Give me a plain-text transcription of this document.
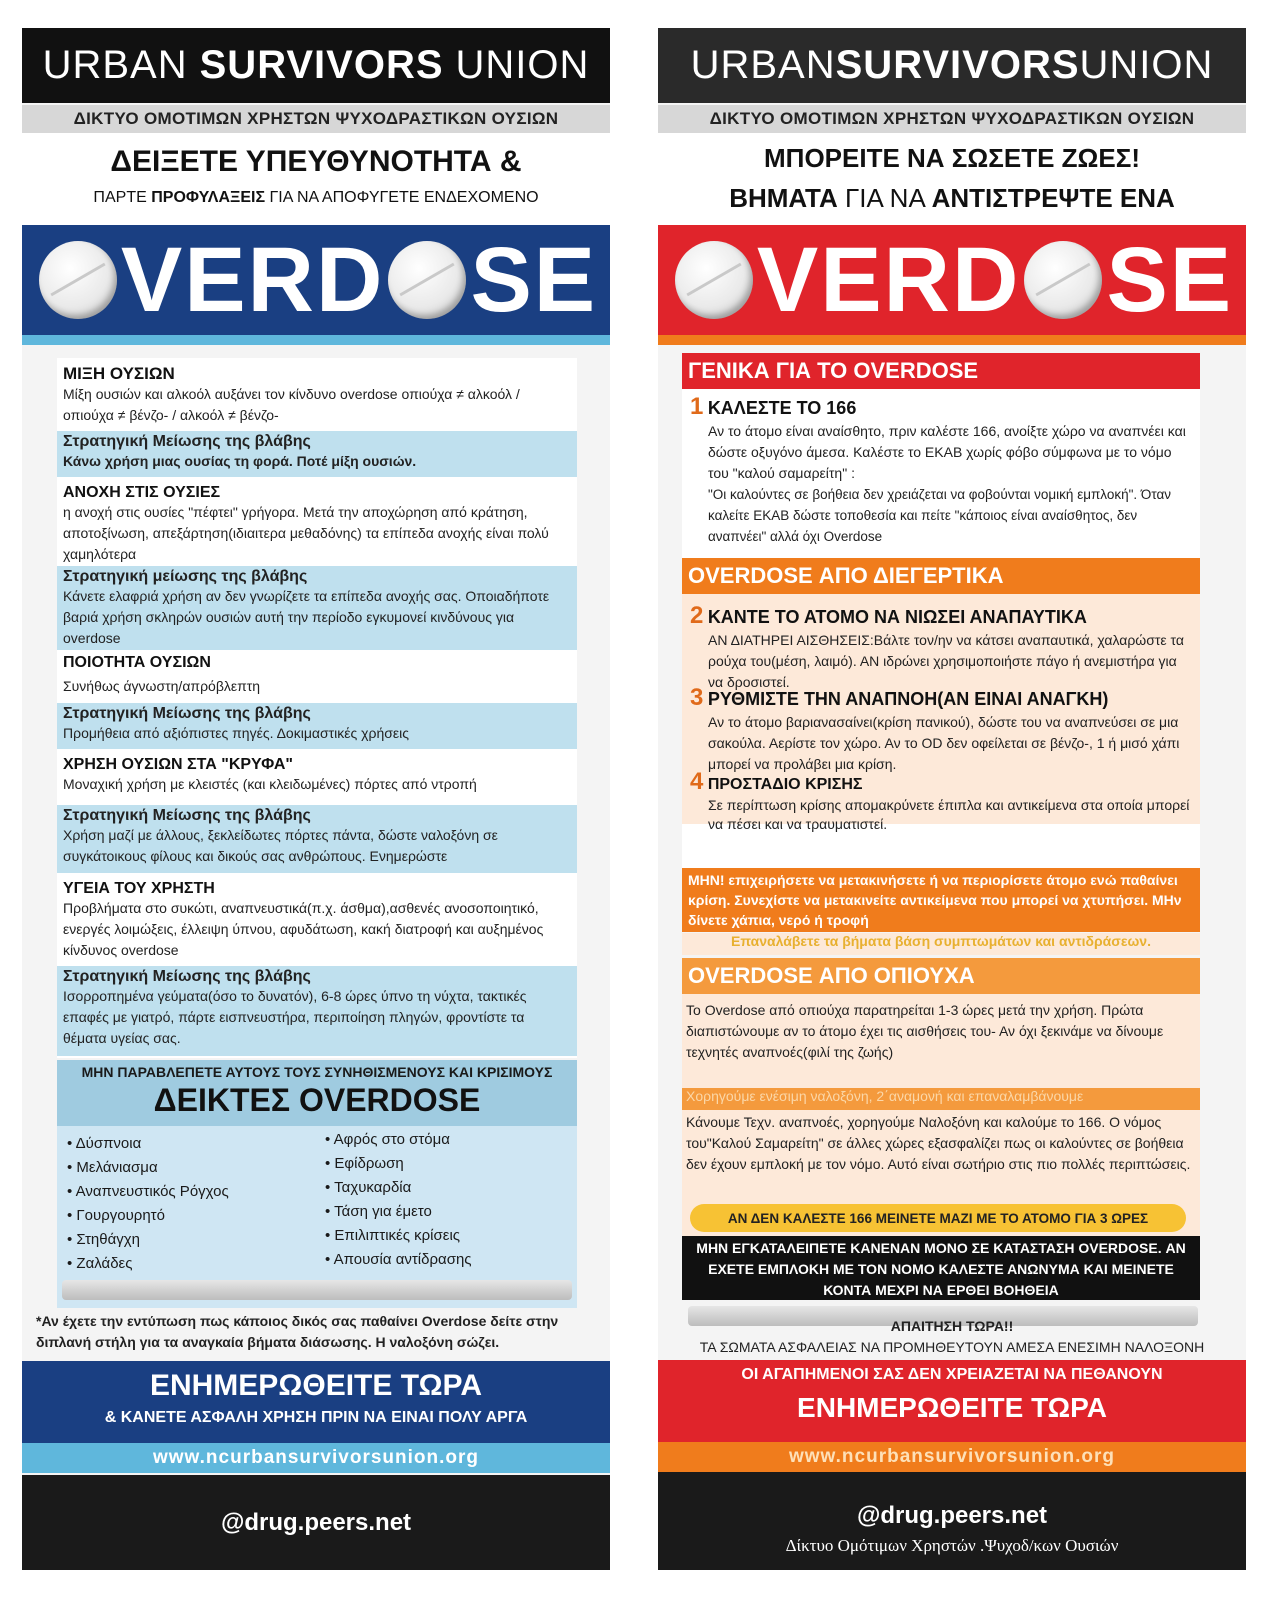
URBAN SURVIVORS UNION
ΔΙΚΤΥΟ ΟΜΟΤΙΜΩΝ ΧΡΗΣΤΩΝ ΨΥΧΟΔΡΑΣΤΙΚΩΝ ΟΥΣΙΩΝ
ΔΕΙΞΕΤΕ ΥΠΕΥΘΥΝΟΤΗΤΑ &
ΠΑΡΤΕ ΠΡΟΦΥΛΑΞΕΙΣ ΓΙΑ ΝΑ ΑΠΟΦΥΓΕΤΕ ΕΝΔΕΧΟΜΕΝΟ
VERD SE
ΜΙΞΗ ΟΥΣΙΩΝ
Μίξη ουσιών και αλκοόλ αυξάνει τον κίνδυνο overdose οπιούχα ≠ αλκοόλ / οπιούχα ≠ βένζο- / αλκοόλ ≠ βένζο-
Στρατηγική Μείωσης της βλάβης
Κάνω χρήση μιας ουσίας τη φορά. Ποτέ μίξη ουσιών.
ΑΝΟΧΗ ΣΤΙΣ ΟΥΣΙΕΣ
η ανοχή στις ουσίες "πέφτει" γρήγορα. Μετά την αποχώρηση από κράτηση, αποτοξίνωση, απεξάρτηση(ιδιαιτερα μεθαδόνης) τα επίπεδα ανοχής είναι πολύ χαμηλότερα
Στρατηγική μείωσης της βλάβης
Κάνετε ελαφριά χρήση αν δεν γνωρίζετε τα επίπεδα ανοχής σας. Οποιαδήποτε βαριά χρήση σκληρών ουσιών αυτή την περίοδο εγκυμονεί κινδύνους για overdose
ΠΟΙΟΤΗΤΑ ΟΥΣΙΩΝ
Συνήθως άγνωστη/απρόβλεπτη
Στρατηγική Μείωσης της βλάβης
Προμήθεια από αξιόπιστες πηγές. Δοκιμαστικές χρήσεις
ΧΡΗΣΗ ΟΥΣΙΩΝ ΣΤΑ "ΚΡΥΦΑ"
Μοναχική χρήση με κλειστές (και κλειδωμένες) πόρτες από ντροπή
Στρατηγική Μείωσης της βλάβης
Χρήση μαζί με άλλους, ξεκλείδωτες πόρτες πάντα, δώστε ναλοξόνη σε συγκάτοικους φίλους και δικούς σας ανθρώπους. Ενημερώστε
ΥΓΕΙΑ ΤΟΥ ΧΡΗΣΤΗ
Προβλήματα στο συκώτι, αναπνευστικά(π.χ. άσθμα),ασθενές ανοσοποιητικό, ενεργές λοιμώξεις, έλλειψη ύπνου, αφυδάτωση, κακή διατροφή και αυξημένος κίνδυνος overdose
Στρατηγική Μείωσης της βλάβης
Ισορροπημένα γεύματα(όσο το δυνατόν), 6-8 ώρες ύπνο τη νύχτα, τακτικές επαφές με γιατρό, πάρτε εισπνευστήρα, περιποίηση πληγών, φροντίστε τα θέματα υγείας σας.
ΜΗΝ ΠΑΡΑΒΛΕΠΕΤΕ ΑΥΤΟΥΣ ΤΟΥΣ ΣΥΝΗΘΙΣΜΕΝΟΥΣ ΚΑΙ ΚΡΙΣΙΜΟΥΣ
ΔΕΙΚΤΕΣ OVERDOSE
• Δύσπνοια
• Μελάνιασμα
• Αναπνευστικός Ρόγχος
• Γουργουρητό
• Στηθάγχη
• Ζαλάδες
• Αφρός στο στόμα
• Εφίδρωση
• Ταχυκαρδία
• Τάση για έμετο
• Επιλιπτικές κρίσεις
• Απουσία αντίδρασης
*Αν έχετε την εντύπωση πως κάποιος δικός σας παθαίνει Overdose δείτε στην διπλανή στήλη για τα αναγκαία βήματα διάσωσης. Η ναλοξόνη σώζει.
ΕΝΗΜΕΡΩΘΕΙΤΕ ΤΩΡΑ
& ΚΑΝΕΤΕ ΑΣΦΑΛΗ ΧΡΗΣΗ ΠΡΙΝ ΝΑ ΕΙΝΑΙ ΠΟΛΥ ΑΡΓΑ
www.ncurbansurvivorsunion.org
@drug.peers.net
URBAN SURVIVORS UNION
ΔΙΚΤΥΟ ΟΜΟΤΙΜΩΝ ΧΡΗΣΤΩΝ ΨΥΧΟΔΡΑΣΤΙΚΩΝ ΟΥΣΙΩΝ
ΜΠΟΡΕΙΤΕ ΝΑ ΣΩΣΕΤΕ ΖΩΕΣ!
ΒΗΜΑΤΑ ΓΙΑ ΝΑ ΑΝΤΙΣΤΡΕΨΤΕ ΕΝΑ
VERD SE
ΓΕΝΙΚΑ ΓΙΑ ΤΟ OVERDOSE
1 ΚΑΛΕΣΤΕ ΤΟ 166
Αν το άτομο είναι αναίσθητο, πριν καλέστε 166, ανοίξτε χώρο να αναπνέει και δώστε οξυγόνο άμεσα. Καλέστε το ΕΚΑΒ χωρίς φόβο σύμφωνα με το νόμο του "καλού σαμαρείτη" :
"Οι καλούντες σε βοήθεια δεν χρειάζεται να φοβούνται νομική εμπλοκή". Όταν καλείτε ΕΚΑΒ δώστε τοποθεσία και πείτε "κάποιος είναι αναίσθητος, δεν αναπνέει" αλλά όχι Overdose
OVERDOSE ΑΠΟ ΔΙΕΓΕΡΤΙΚΑ
2 ΚΑΝΤΕ ΤΟ ΑΤΟΜΟ ΝΑ ΝΙΩΣΕΙ ΑΝΑΠΑΥΤΙΚΑ
ΑΝ ΔΙΑΤΗΡΕΙ ΑΙΣΘΗΣΕΙΣ:Βάλτε τον/ην να κάτσει αναπαυτικά, χαλαρώστε τα ρούχα του(μέση, λαιμό). ΑΝ ιδρώνει χρησιμοποιήστε πάγο ή ανεμιστήρα για να δροσιστεί.
3 ΡΥΘΜΙΣΤΕ ΤΗΝ ΑΝΑΠΝΟΗ(ΑΝ ΕΙΝΑΙ ΑΝΑΓΚΗ)
Αν το άτομο βαριανασαίνει(κρίση πανικού), δώστε του να αναπνεύσει σε μια σακούλα. Αερίστε τον χώρο. Αν το OD δεν οφείλεται σε βένζο-, 1 ή μισό χάπι μπορεί να προλάβει μια κρίση.
4 ΠΡΟΣΤΑΔΙΟ ΚΡΙΣΗΣ
Σε περίπτωση κρίσης απομακρύνετε έπιπλα και αντικείμενα στα οποία μπορεί να πέσει και να τραυματιστεί.
ΜΗΝ! επιχειρήσετε να μετακινήσετε ή να περιορίσετε άτομο ενώ παθαίνει κρίση. Συνεχίστε να μετακινείτε αντικείμενα που μπορεί να χτυπήσει. ΜΗν δίνετε χάπια, νερό ή τροφή
Επαναλάβετε τα βήματα βάση συμπτωμάτων και αντιδράσεων.
OVERDOSE ΑΠΟ ΟΠΙΟΥΧΑ
Το Overdose από οπιούχα παρατηρείται 1-3 ώρες μετά την χρήση. Πρώτα διαπιστώνουμε αν το άτομο έχει τις αισθήσεις του- Αν όχι ξεκινάμε να δίνουμε τεχνητές αναπνοές(φιλί της ζωής)
Χορηγούμε ενέσιμη ναλοξόνη, 2΄αναμονή και επαναλαμβάνουμε
Κάνουμε Τεχν. αναπνοές, χορηγούμε Ναλοξόνη και καλούμε το 166. Ο νόμος του"Καλού Σαμαρείτη" σε άλλες χώρες εξασφαλίζει πως οι καλούντες σε βοήθεια δεν έχουν εμπλοκή με τον νόμο. Αυτό είναι σωτήριο στις πιο πολλές περιπτώσεις.
ΑΝ ΔΕΝ ΚΑΛΕΣΤΕ 166 ΜΕΙΝΕΤΕ ΜΑΖΙ ΜΕ ΤΟ ΑΤΟΜΟ ΓΙΑ 3 ΩΡΕΣ
ΜΗΝ ΕΓΚΑΤΑΛΕΙΠΕΤΕ ΚΑΝΕΝΑΝ ΜΟΝΟ ΣΕ ΚΑΤΑΣΤΑΣΗ OVERDOSE. ΑΝ ΕΧΕΤΕ ΕΜΠΛΟΚΗ ΜΕ ΤΟΝ ΝΟΜΟ ΚΑΛΕΣΤΕ ΑΝΩΝΥΜΑ ΚΑΙ ΜΕΙΝΕΤΕ ΚΟΝΤΑ ΜΕΧΡΙ ΝΑ ΕΡΘΕΙ ΒΟΗΘΕΙΑ
ΑΠΑΙΤΗΣΗ ΤΩΡΑ!!
ΤΑ ΣΩΜΑΤΑ ΑΣΦΑΛΕΙΑΣ ΝΑ ΠΡΟΜΗΘΕΥΤΟΥΝ ΑΜΕΣΑ ΕΝΕΣΙΜΗ ΝΑΛΟΞΟΝΗ
ΟΙ ΑΓΑΠΗΜΕΝΟΙ ΣΑΣ ΔΕΝ ΧΡΕΙΑΖΕΤΑΙ ΝΑ ΠΕΘΑΝΟΥΝ
ΕΝΗΜΕΡΩΘΕΙΤΕ ΤΩΡΑ
www.ncurbansurvivorsunion.org
@drug.peers.net
Δίκτυο Ομότιμων Χρηστών .Ψυχοδ/κων Ουσιών
